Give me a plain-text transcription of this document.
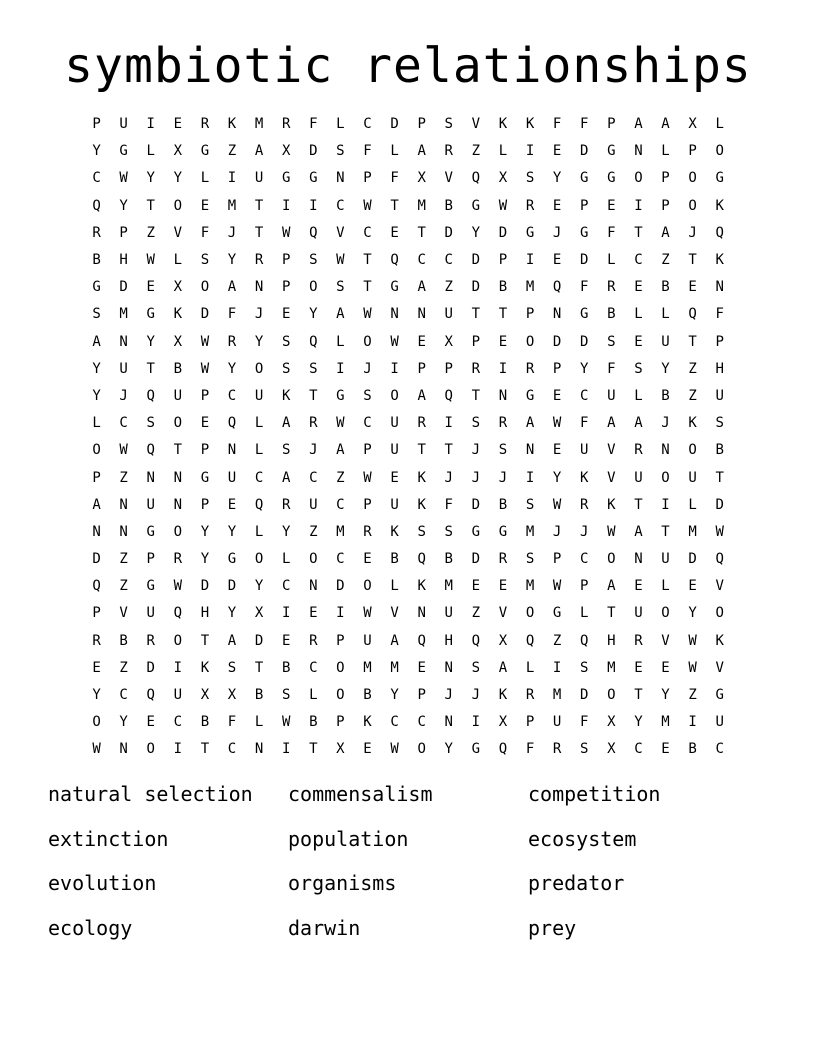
symbiotic relationships
P	U	I	E	R	K	M	R	F	L	C	D	P	S	V	K	K	F	F	P	A	A	X	L
Y	G	L	X	G	Z	A	X	D	S	F	L	A	R	Z	L	I	E	D	G	N	L	P	O
C	W	Y	Y	L	I	U	G	G	N	P	F	X	V	Q	X	S	Y	G	G	O	P	O	G
Q	Y	T	O	E	M	T	I	I	C	W	T	M	B	G	W	R	E	P	E	I	P	O	K
R	P	Z	V	F	J	T	W	Q	V	C	E	T	D	Y	D	G	J	G	F	T	A	J	Q
B	H	W	L	S	Y	R	P	S	W	T	Q	C	C	D	P	I	E	D	L	C	Z	T	K
G	D	E	X	O	A	N	P	O	S	T	G	A	Z	D	B	M	Q	F	R	E	B	E	N
S	M	G	K	D	F	J	E	Y	A	W	N	N	U	T	T	P	N	G	B	L	L	Q	F
A	N	Y	X	W	R	Y	S	Q	L	O	W	E	X	P	E	O	D	D	S	E	U	T	P
Y	U	T	B	W	Y	O	S	S	I	J	I	P	P	R	I	R	P	Y	F	S	Y	Z	H
Y	J	Q	U	P	C	U	K	T	G	S	O	A	Q	T	N	G	E	C	U	L	B	Z	U
L	C	S	O	E	Q	L	A	R	W	C	U	R	I	S	R	A	W	F	A	A	J	K	S
O	W	Q	T	P	N	L	S	J	A	P	U	T	T	J	S	N	E	U	V	R	N	O	B
P	Z	N	N	G	U	C	A	C	Z	W	E	K	J	J	J	I	Y	K	V	U	O	U	T
A	N	U	N	P	E	Q	R	U	C	P	U	K	F	D	B	S	W	R	K	T	I	L	D
N	N	G	O	Y	Y	L	Y	Z	M	R	K	S	S	G	G	M	J	J	W	A	T	M	W
D	Z	P	R	Y	G	O	L	O	C	E	B	Q	B	D	R	S	P	C	O	N	U	D	Q
Q	Z	G	W	D	D	Y	C	N	D	O	L	K	M	E	E	M	W	P	A	E	L	E	V
P	V	U	Q	H	Y	X	I	E	I	W	V	N	U	Z	V	O	G	L	T	U	O	Y	O
R	B	R	O	T	A	D	E	R	P	U	A	Q	H	Q	X	Q	Z	Q	H	R	V	W	K
E	Z	D	I	K	S	T	B	C	O	M	M	E	N	S	A	L	I	S	M	E	E	W	V
Y	C	Q	U	X	X	B	S	L	O	B	Y	P	J	J	K	R	M	D	O	T	Y	Z	G
O	Y	E	C	B	F	L	W	B	P	K	C	C	N	I	X	P	U	F	X	Y	M	I	U
W	N	O	I	T	C	N	I	T	X	E	W	O	Y	G	Q	F	R	S	X	C	E	B	C
natural selection	commensalism	competition
extinction	population	ecosystem
evolution	organisms	predator
ecology	darwin	prey
